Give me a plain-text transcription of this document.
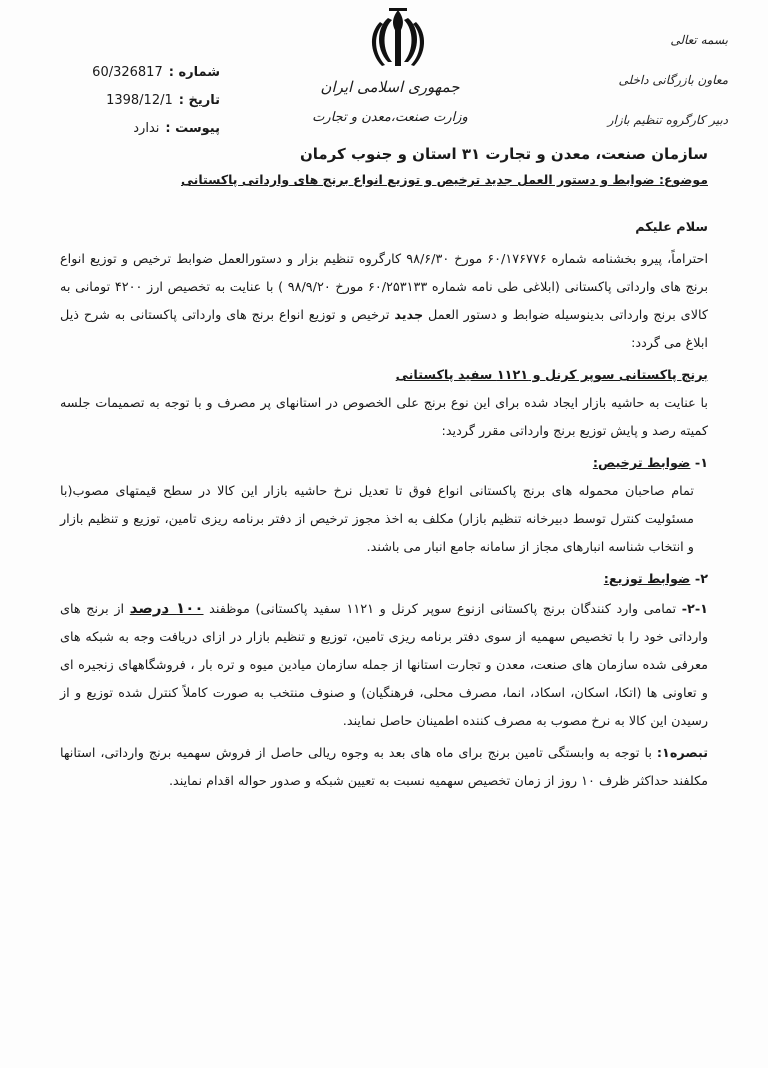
شماره :
60/326817
تاریخ :
1398/12/1
پیوست :
ندارد
جمهوری اسلامی ایران
وزارت صنعت،معدن و تجارت
بسمه تعالی
معاون بازرگانی داخلی
دبیر کارگروه تنظیم بازار
سازمان صنعت، معدن و تجارت ۳۱ استان و جنوب کرمان
موضوع: ضوابط و دستور العمل جدید ترخیص و توزیع انواع برنج های وارداتی پاکستانی

سلام علیکم

احتراماً، پیرو بخشنامه شماره ۶۰/۱۷۶۷۷۶ مورخ ۹۸/۶/۳۰ کارگروه تنظیم بزار و دستورالعمل ضوابط ترخیص و توزیع انواع برنج های وارداتی پاکستانی (ابلاغی طی نامه شماره ۶۰/۲۵۳۱۳۳ مورخ ۹۸/۹/۲۰ ) با عنایت به تخصیص ارز ۴۲۰۰ تومانی به کالای برنج وارداتی بدینوسیله ضوابط و دستور العمل جدید ترخیص و توزیع انواع برنج های وارداتی پاکستانی به شرح ذیل ابلاغ می گردد:

برنج پاکستانی سوپر کرنل و ۱۱۲۱ سفید پاکستانی

با عنایت به حاشیه بازار ایجاد شده برای این نوع برنج علی الخصوص در استانهای پر مصرف و با توجه به تصمیمات جلسه کمیته رصد و پایش توزیع برنج وارداتی مقرر گردید:

۱- ضوابط ترخیص:

تمام صاحبان محموله های برنج پاکستانی انواع فوق تا تعدیل نرخ حاشیه بازار این کالا در سطح قیمتهای مصوب(با مسئولیت کنترل توسط دبیرخانه تنظیم بازار) مکلف به اخذ مجوز ترخیص از دفتر برنامه ریزی تامین، توزیع و تنظیم بازار و انتخاب شناسه انبارهای مجاز از سامانه جامع انبار می باشند.

۲- ضوابط توزیع:

۲-۱- تمامی وارد کنندگان برنج پاکستانی ازنوع سوپر کرنل و ۱۱۲۱ سفید پاکستانی) موظفند ۱۰۰ درصد از برنج های وارداتی خود را با تخصیص سهمیه از سوی دفتر برنامه ریزی تامین، توزیع و تنظیم بازار در ازای دریافت وجه به شبکه های معرفی شده سازمان های صنعت، معدن و تجارت استانها از جمله سازمان میادین میوه و تره بار ، فروشگاههای زنجیره ای و تعاونی ها (اتکا، اسکان، اسکاد، انما، مصرف محلی، فرهنگیان) و صنوف منتخب به صورت کاملاً کنترل شده توزیع و از رسیدن این کالا به نرخ مصوب به مصرف کننده اطمینان حاصل نمایند.

تبصره۱: با توجه به وابستگی تامین برنج برای ماه های بعد به وجوه ریالی حاصل از فروش سهمیه برنج وارداتی، استانها مکلفند حداکثر ظرف ۱۰ روز از زمان تخصیص سهمیه نسبت به تعیین شبکه و صدور حواله اقدام نمایند.
